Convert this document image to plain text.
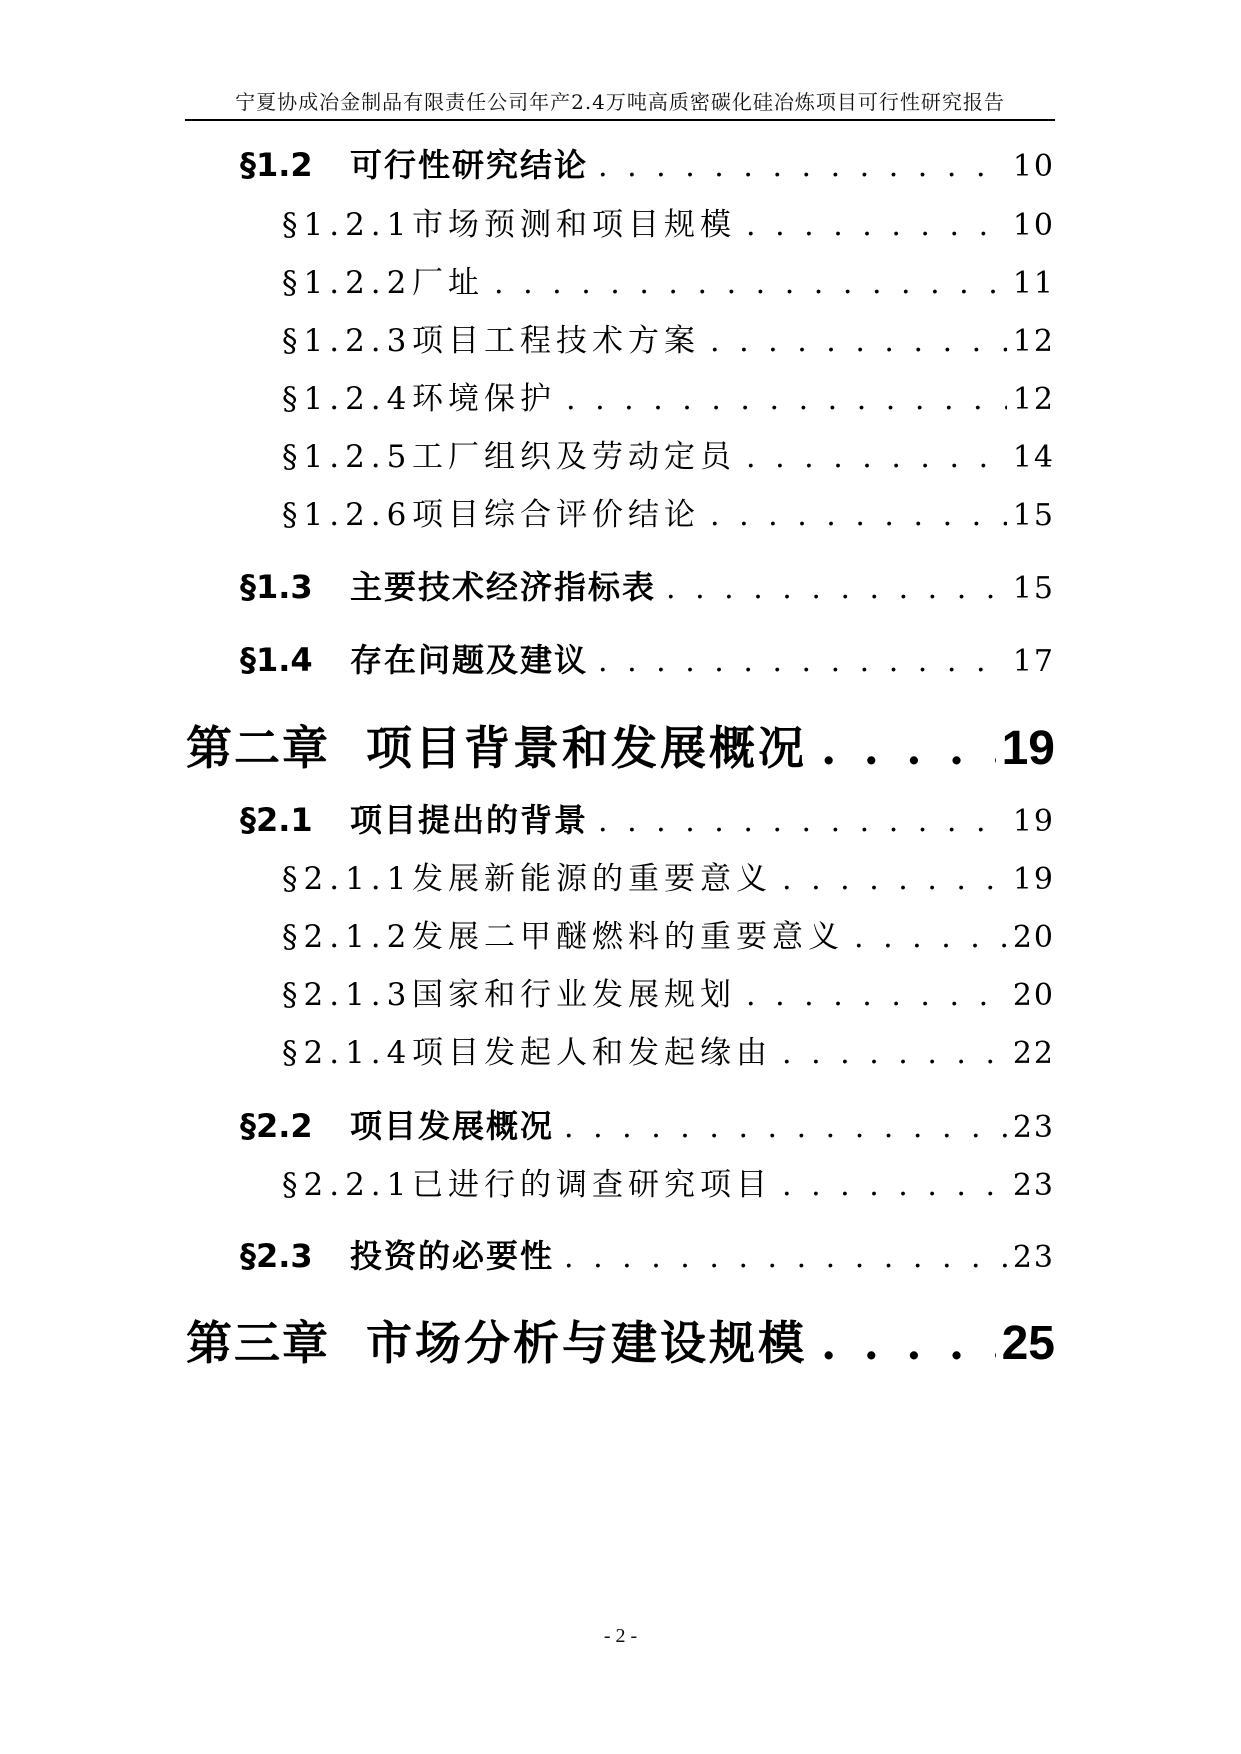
宁夏协成冶金制品有限责任公司年产2.4万吨高质密碳化硅冶炼项目可行性研究报告
§1.2	可行性研究结论 . . .	10
§1.2.1 市场预测和项目规模 . . .	10
§1.2.2 厂址 . . .	11
§1.2.3 项目工程技术方案 . . .	12
§1.2.4 环境保护 . . .	12
§1.2.5 工厂组织及劳动定员 . . .	14
§1.2.6 项目综合评价结论 . . .	15
§1.3	主要技术经济指标表 . . .	15
§1.4	存在问题及建议 . . .	17
第二章 项目背景和发展概况 . . .	19
§2.1	项目提出的背景 . . .	19
§2.1.1 发展新能源的重要意义 . . .	19
§2.1.2 发展二甲醚燃料的重要意义 . . .	20
§2.1.3 国家和行业发展规划 . . .	20
§2.1.4 项目发起人和发起缘由 . . .	22
§2.2	项目发展概况 . . .	23
§2.2.1 已进行的调查研究项目 . . .	23
§2.3	投资的必要性 . . .	23
第三章 市场分析与建设规模 . . .	25
- 2 -
